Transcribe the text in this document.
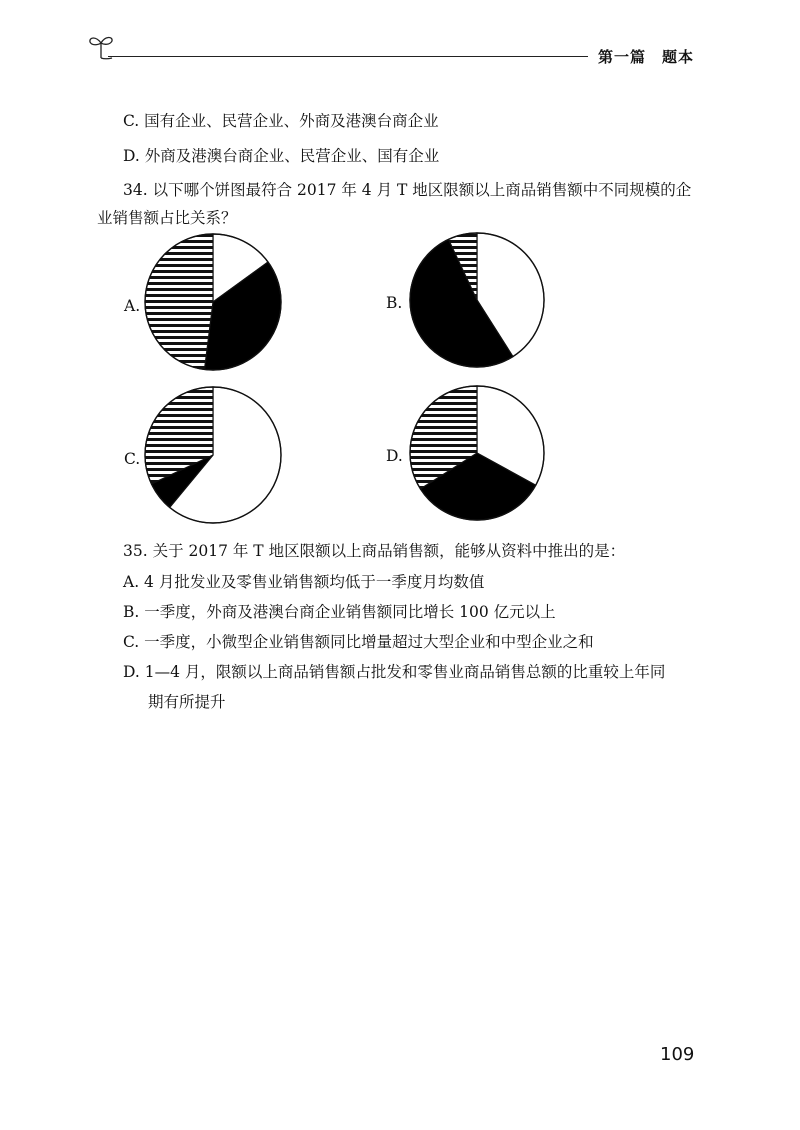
第一篇　题本
C. 国有企业、民营企业、外商及港澳台商企业
D. 外商及港澳台商企业、民营企业、国有企业
34. 以下哪个饼图最符合 2017 年 4 月 T 地区限额以上商品销售额中不同规模的企
业销售额占比关系？
A.	B.
C.	D.
35. 关于 2017 年 T 地区限额以上商品销售额，能够从资料中推出的是：
A. 4 月批发业及零售业销售额均低于一季度月均数值
B. 一季度，外商及港澳台商企业销售额同比增长 100 亿元以上
C. 一季度，小微型企业销售额同比增量超过大型企业和中型企业之和
D. 1—4 月，限额以上商品销售额占批发和零售业商品销售总额的比重较上年同
期有所提升
109
